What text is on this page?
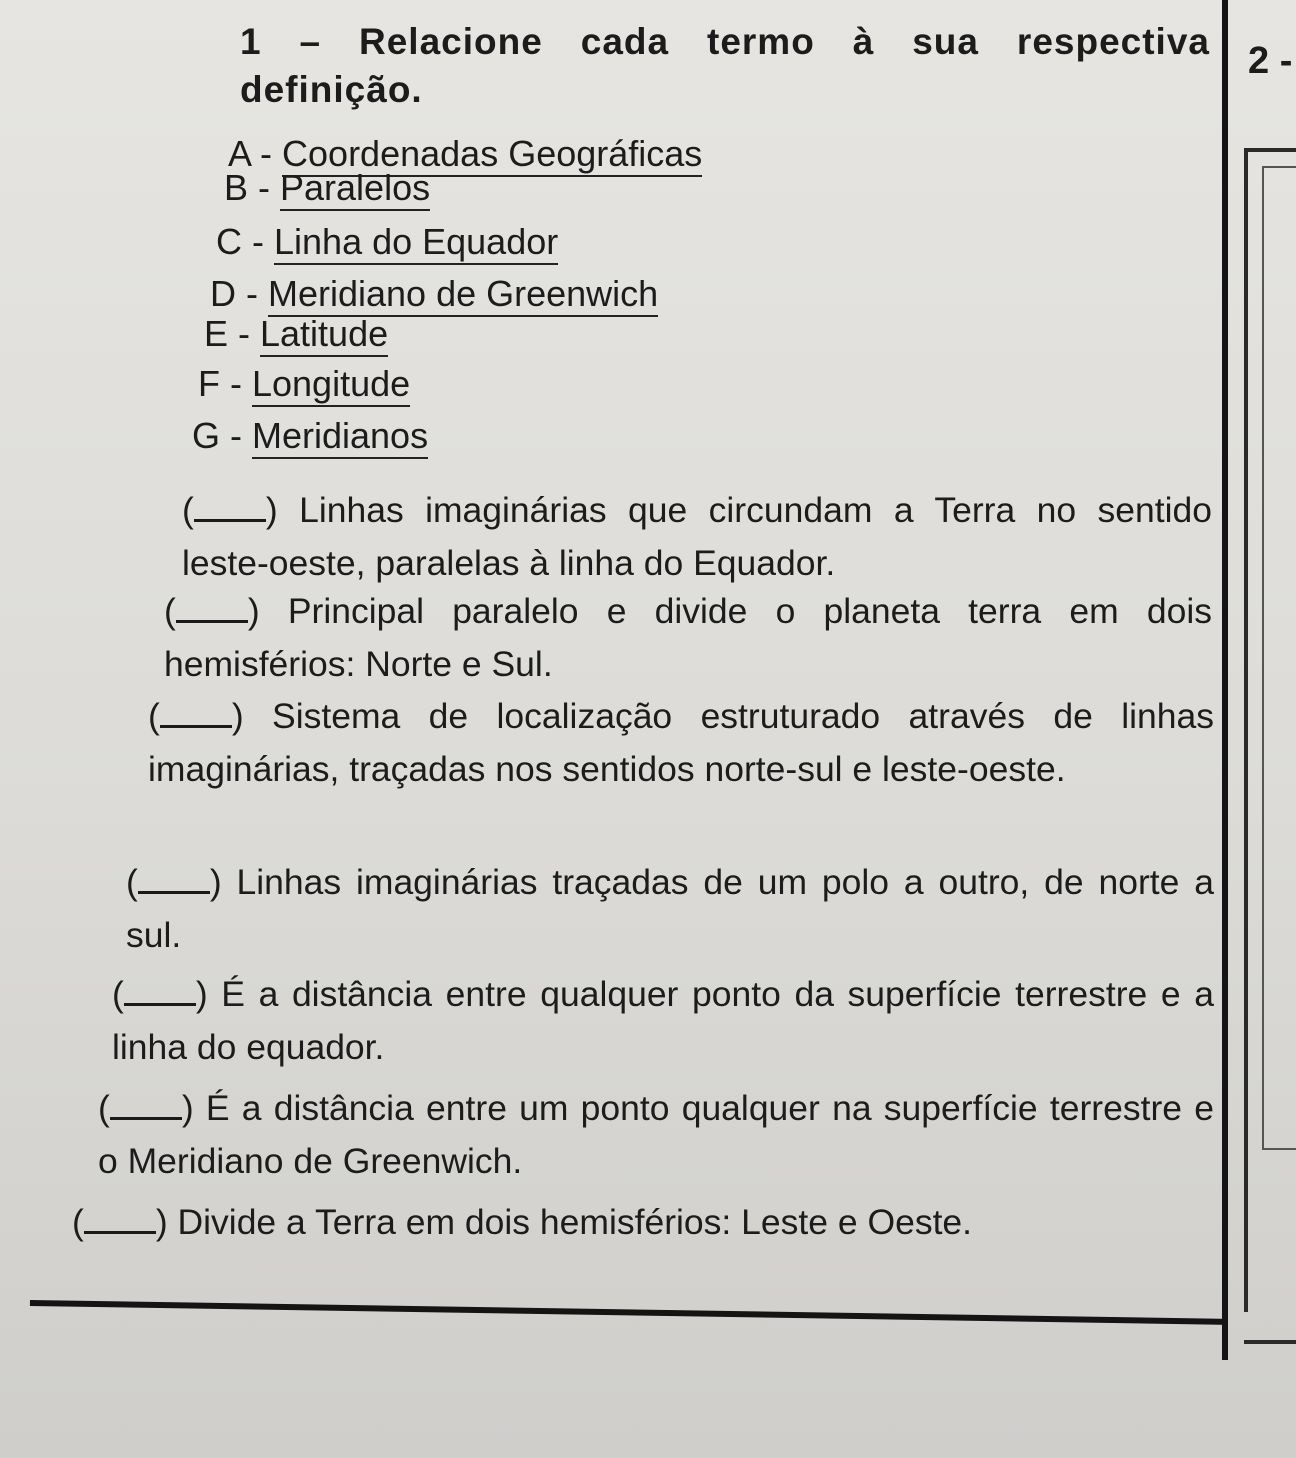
1 – Relacione cada termo à sua respectiva definição.
2 -
A - Coordenadas Geográficas
B - Paralelos
C - Linha do Equador
D - Meridiano de Greenwich
E - Latitude
F - Longitude
G - Meridianos
( ) Linhas imaginárias que circundam a Terra no sentido leste-oeste, paralelas à linha do Equador.
( ) Principal paralelo e divide o planeta terra em dois hemisférios: Norte e Sul.
( ) Sistema de localização estruturado através de linhas imaginárias, traçadas nos sentidos norte-sul e leste-oeste.
( ) Linhas imaginárias traçadas de um polo a outro, de norte a sul.
( ) É a distância entre qualquer ponto da superfície terrestre e a linha do equador.
( ) É a distância entre um ponto qualquer na superfície terrestre e o Meridiano de Greenwich.
( ) Divide a Terra em dois hemisférios: Leste e Oeste.
